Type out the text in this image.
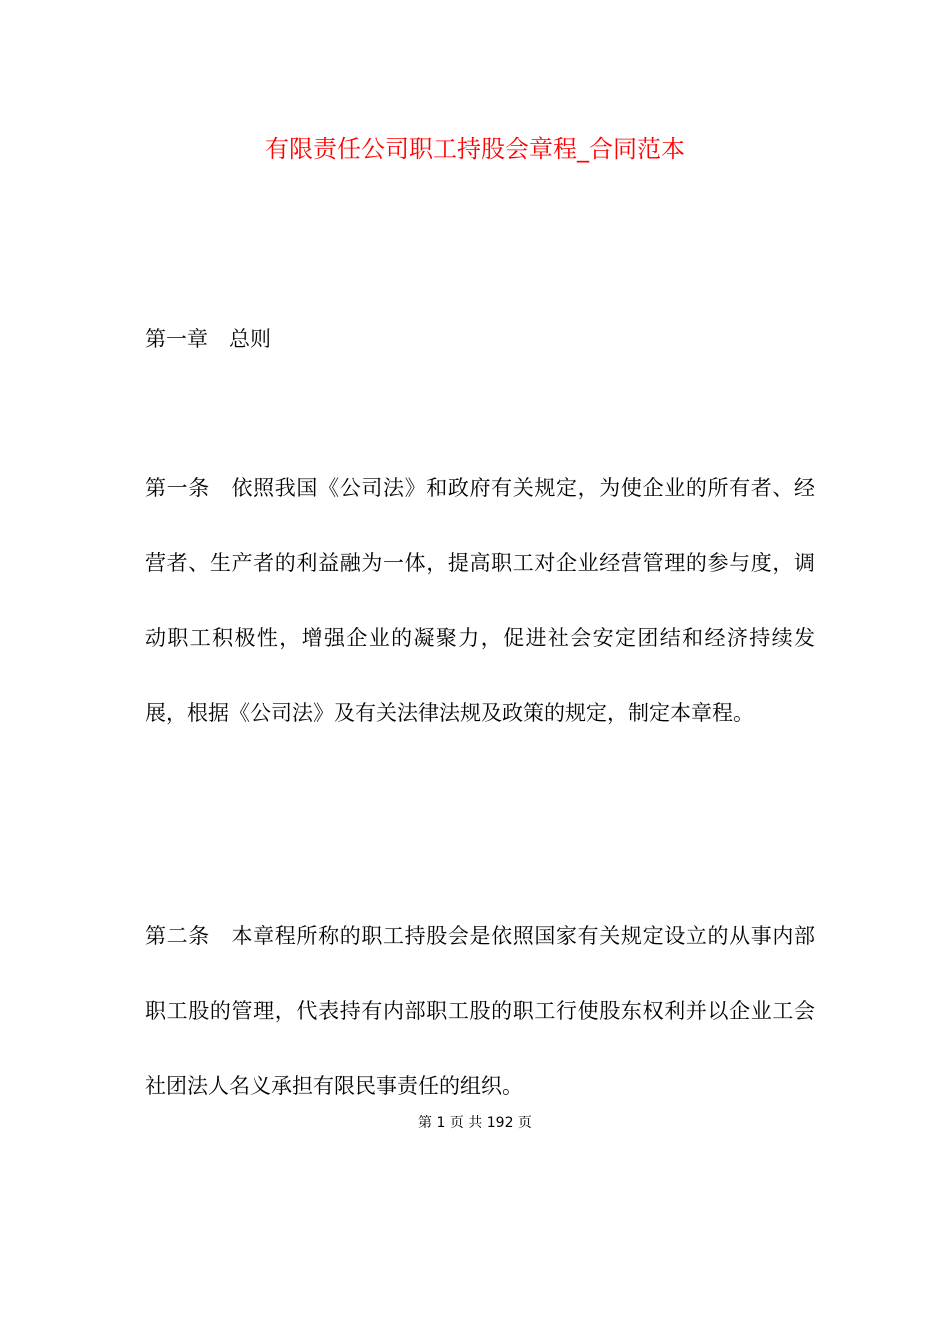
有限责任公司职工持股会章程_合同范本
第一章　总则

第一条　依照我国《公司法》和政府有关规定，为使企业的所有者、经营者、生产者的利益融为一体，提高职工对企业经营管理的参与度，调动职工积极性，增强企业的凝聚力，促进社会安定团结和经济持续发展，根据《公司法》及有关法律法规及政策的规定，制定本章程。

第二条　本章程所称的职工持股会是依照国家有关规定设立的从事内部职工股的管理，代表持有内部职工股的职工行使股东权利并以企业工会社团法人名义承担有限民事责任的组织。

第 1 页 共 192 页
